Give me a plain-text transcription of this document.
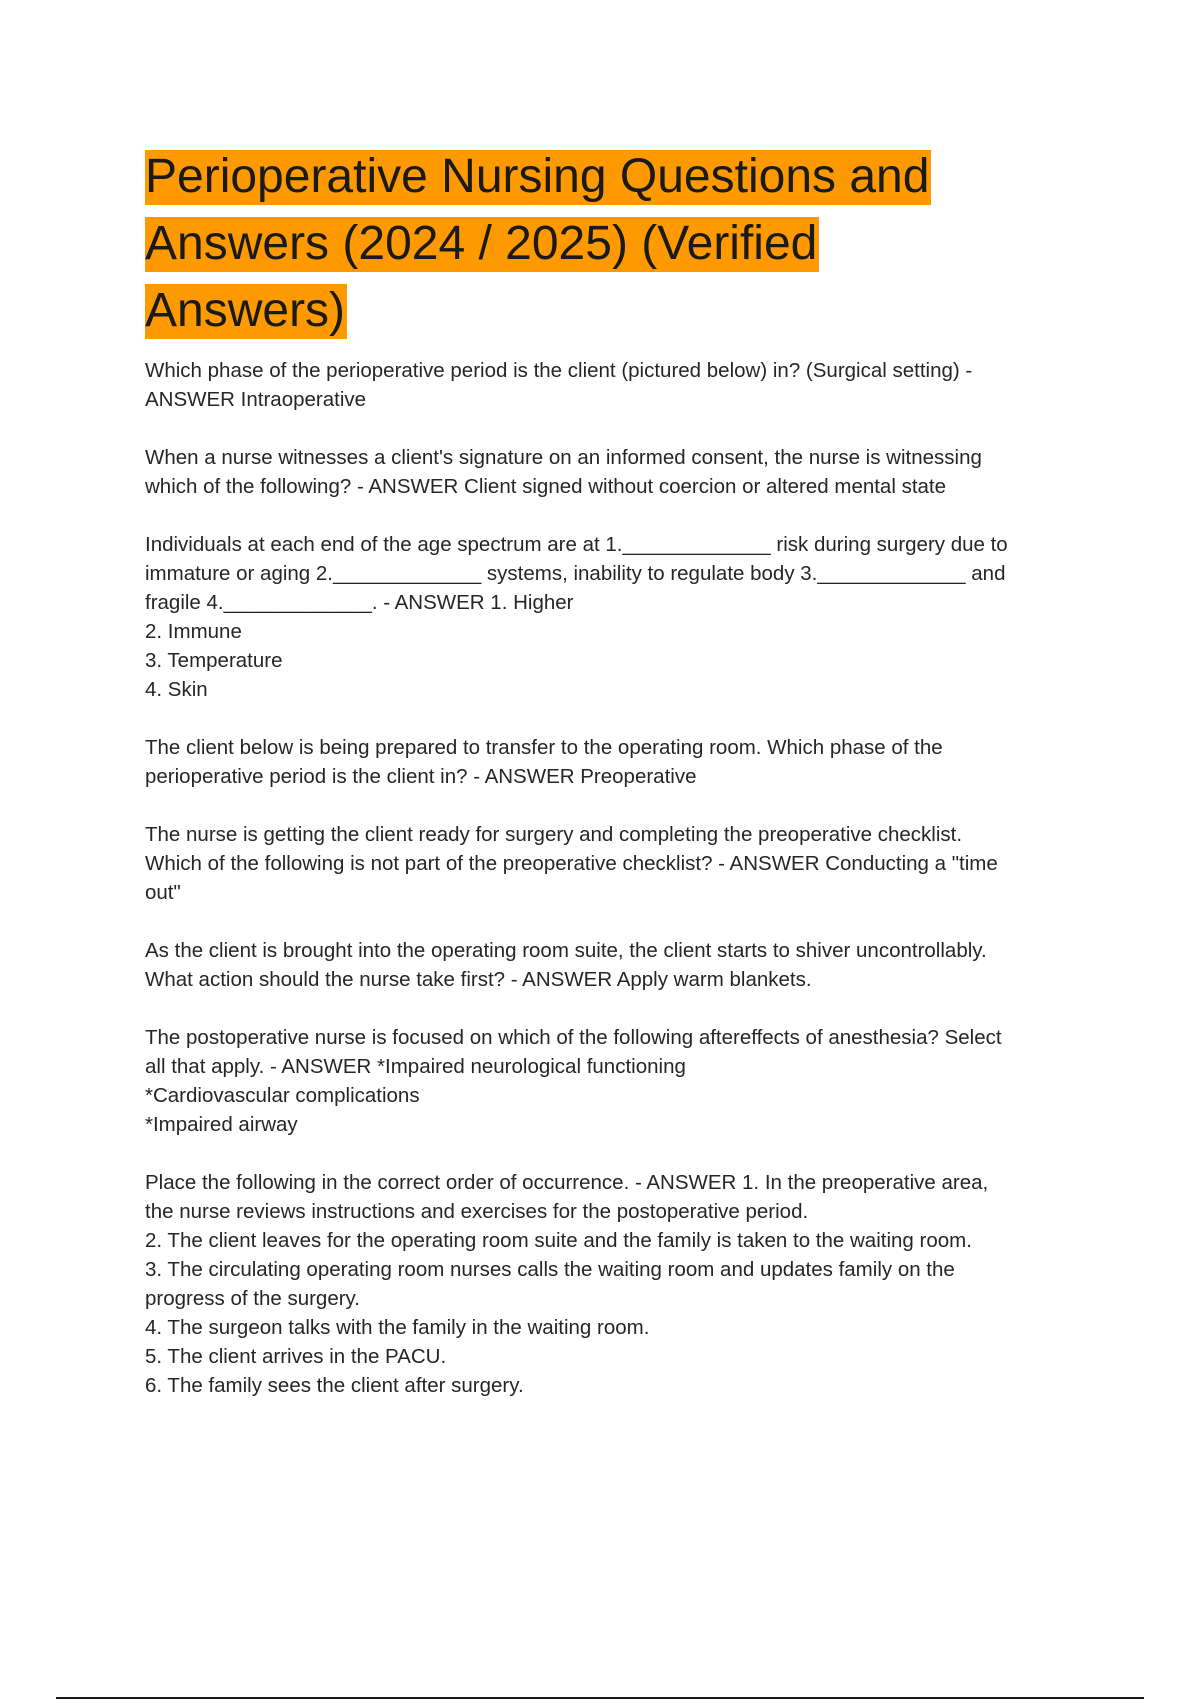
Perioperative Nursing Questions and
Answers (2024 / 2025) (Verified
Answers)

Which phase of the perioperative period is the client (pictured below) in? (Surgical setting) -
ANSWER Intraoperative

When a nurse witnesses a client's signature on an informed consent, the nurse is witnessing
which of the following? - ANSWER Client signed without coercion or altered mental state

Individuals at each end of the age spectrum are at 1._____________ risk during surgery due to
immature or aging 2._____________ systems, inability to regulate body 3._____________ and
fragile 4._____________. - ANSWER 1. Higher
2. Immune
3. Temperature
4. Skin

The client below is being prepared to transfer to the operating room. Which phase of the
perioperative period is the client in? - ANSWER Preoperative

The nurse is getting the client ready for surgery and completing the preoperative checklist.
Which of the following is not part of the preoperative checklist? - ANSWER Conducting a "time
out"

As the client is brought into the operating room suite, the client starts to shiver uncontrollably.
What action should the nurse take first? - ANSWER Apply warm blankets.

The postoperative nurse is focused on which of the following aftereffects of anesthesia? Select
all that apply. - ANSWER *Impaired neurological functioning
*Cardiovascular complications
*Impaired airway

Place the following in the correct order of occurrence. - ANSWER 1. In the preoperative area,
the nurse reviews instructions and exercises for the postoperative period.
2. The client leaves for the operating room suite and the family is taken to the waiting room.
3. The circulating operating room nurses calls the waiting room and updates family on the
progress of the surgery.
4. The surgeon talks with the family in the waiting room.
5. The client arrives in the PACU.
6. The family sees the client after surgery.
